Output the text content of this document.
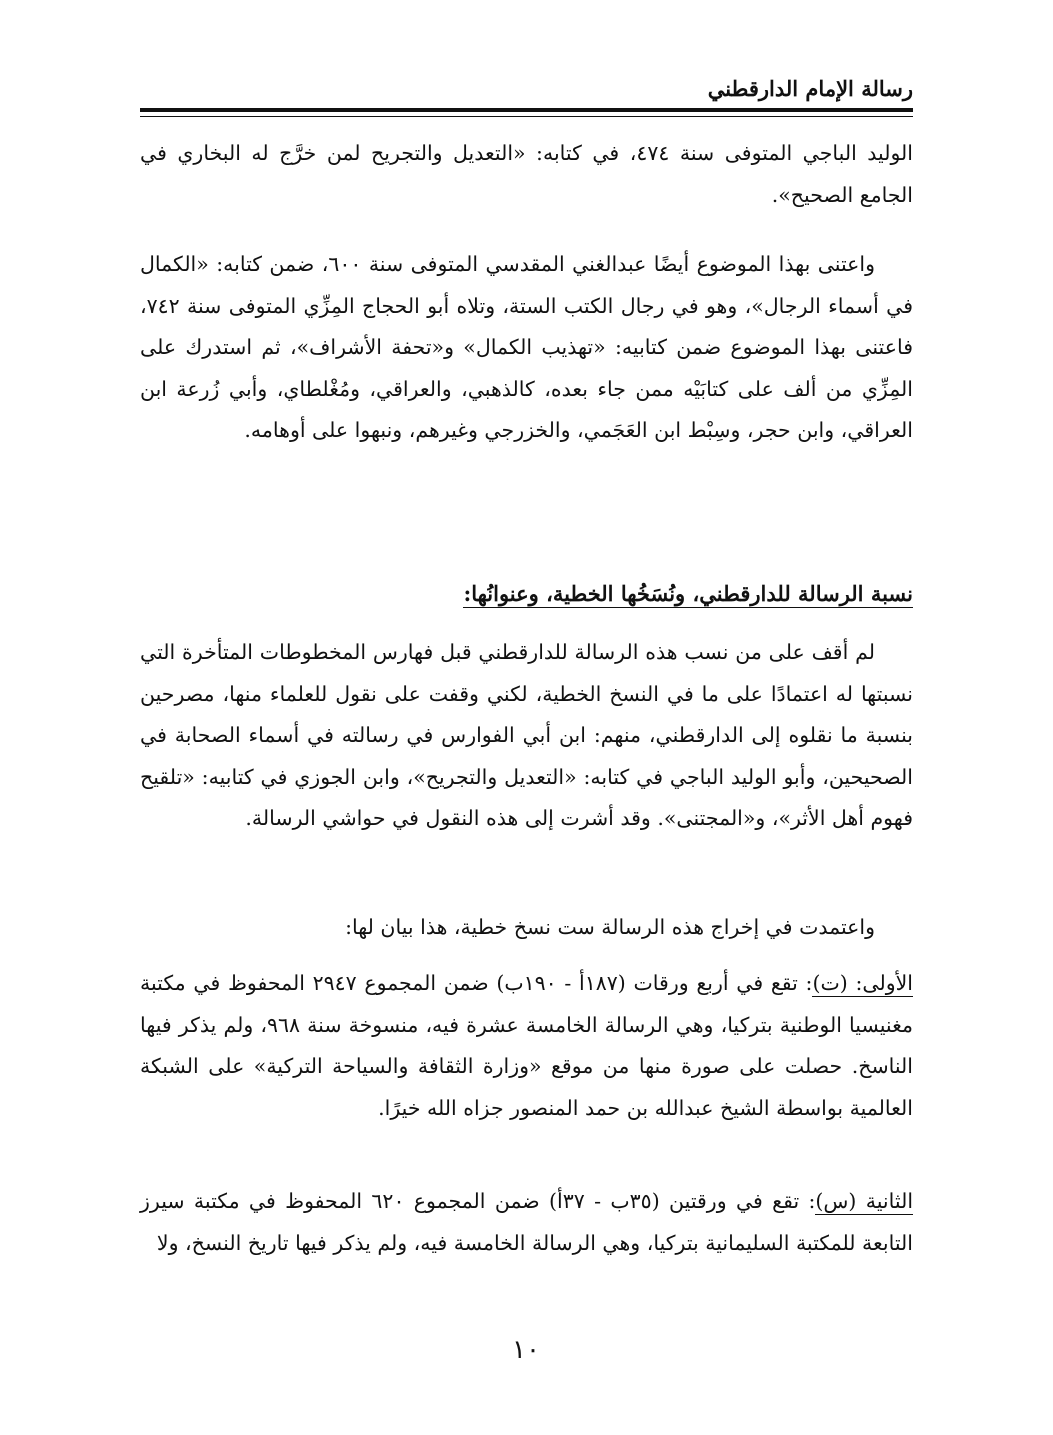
رسالة الإمام الدارقطني

الوليد الباجي المتوفى سنة ٤٧٤، في كتابه: «التعديل والتجريح لمن خرَّج له البخاري في الجامع الصحيح».

واعتنى بهذا الموضوع أيضًا عبدالغني المقدسي المتوفى سنة ٦٠٠، ضمن كتابه: «الكمال في أسماء الرجال»، وهو في رجال الكتب الستة، وتلاه أبو الحجاج المِزِّي المتوفى سنة ٧٤٢، فاعتنى بهذا الموضوع ضمن كتابيه: «تهذيب الكمال» و«تحفة الأشراف»، ثم استدرك على المِزِّي من ألف على كتابَيْه ممن جاء بعده، كالذهبي، والعراقي، ومُغْلطاي، وأبي زُرعة ابن العراقي، وابن حجر، وسِبْط ابن العَجَمي، والخزرجي وغيرهم، ونبهوا على أوهامه.

نسبة الرسالة للدارقطني، ونُسَخُها الخطية، وعنوانُها:

لم أقف على من نسب هذه الرسالة للدارقطني قبل فهارس المخطوطات المتأخرة التي نسبتها له اعتمادًا على ما في النسخ الخطية، لكني وقفت على نقول للعلماء منها، مصرحين بنسبة ما نقلوه إلى الدارقطني، منهم: ابن أبي الفوارس في رسالته في أسماء الصحابة في الصحيحين، وأبو الوليد الباجي في كتابه: «التعديل والتجريح»، وابن الجوزي في كتابيه: «تلقيح فهوم أهل الأثر»، و«المجتنى». وقد أشرت إلى هذه النقول في حواشي الرسالة.

واعتمدت في إخراج هذه الرسالة ست نسخ خطية، هذا بيان لها:

الأولى: (ت): تقع في أربع ورقات (١٨٧أ - ١٩٠ب) ضمن المجموع ٢٩٤٧ المحفوظ في مكتبة مغنيسيا الوطنية بتركيا، وهي الرسالة الخامسة عشرة فيه، منسوخة سنة ٩٦٨، ولم يذكر فيها الناسخ. حصلت على صورة منها من موقع «وزارة الثقافة والسياحة التركية» على الشبكة العالمية بواسطة الشيخ عبدالله بن حمد المنصور جزاه الله خيرًا.

الثانية (س): تقع في ورقتين (٣٥ب - ٣٧أ) ضمن المجموع ٦٢٠ المحفوظ في مكتبة سيرز التابعة للمكتبة السليمانية بتركيا، وهي الرسالة الخامسة فيه، ولم يذكر فيها تاريخ النسخ، ولا

١٠
